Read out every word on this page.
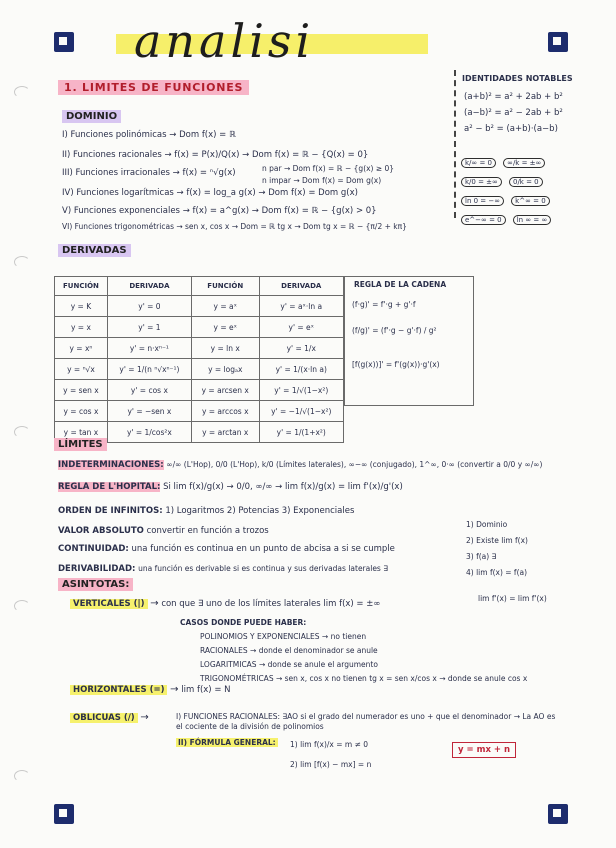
analisi
1. LIMITES DE FUNCIONES
DOMINIO
I) Funciones polinómicas → Dom f(x) = ℝ
II) Funciones racionales → f(x) = P(x)/Q(x) → Dom f(x) = ℝ − {Q(x) = 0}
III) Funciones irracionales → f(x) = ⁿ√g(x)	n par → Dom f(x) = ℝ − {g(x) ≥ 0}
n impar → Dom f(x) = Dom g(x)
IV) Funciones logarítmicas → f(x) = log_a g(x) → Dom f(x) = Dom g(x)
V) Funciones exponenciales → f(x) = a^g(x) → Dom f(x) = ℝ − {g(x) > 0}
VI) Funciones trigonométricas → sen x, cos x → Dom = ℝ tg x → Dom tg x = ℝ − {π/2 + kπ}
IDENTIDADES NOTABLES
(a+b)² = a² + 2ab + b²
(a−b)² = a² − 2ab + b²
a² − b² = (a+b)·(a−b)
k/∞ = 0 ∞/k = ±∞ k/0 = ±∞ 0/k = 0 ln 0 = −∞ k^∞ = 0 e^−∞ = 0 ln ∞ = ∞
DERIVADAS
FUNCIÓN	DERIVADA	FUNCIÓN	DERIVADA
y = K	y' = 0	y = aˣ	y' = aˣ·ln a
y = x	y' = 1	y = eˣ	y' = eˣ
y = xⁿ	y' = n·xⁿ⁻¹	y = ln x	y' = 1/x
y = ⁿ√x	y' = 1/(n ⁿ√xⁿ⁻¹)	y = logₐx	y' = 1/(x·ln a)
y = sen x	y' = cos x	y = arcsen x	y' = 1/√(1−x²)
y = cos x	y' = −sen x	y = arccos x	y' = −1/√(1−x²)
y = tan x	y' = 1/cos²x	y = arctan x	y' = 1/(1+x²)
REGLA DE LA CADENA
(f·g)' = f'·g + g'·f
(f/g)' = (f'·g − g'·f) / g²
[f(g(x))]' = f'(g(x))·g'(x)
LÍMITES
INDETERMINACIONES: ∞/∞ (L'Hop), 0/0 (L'Hop), k/0 (Límites laterales), ∞−∞ (conjugado), 1^∞, 0·∞ (convertir a 0/0 y ∞/∞)
REGLA DE L'HOPITAL: Si lim f(x)/g(x) → 0/0, ∞/∞ → lim f(x)/g(x) = lim f'(x)/g'(x)
ORDEN DE INFINITOS: 1) Logaritmos 2) Potencias 3) Exponenciales
VALOR ABSOLUTO convertir en función a trozos
CONTINUIDAD: una función es continua en un punto de abcisa a si se cumple
DERIVABILIDAD: una función es derivable si es continua y sus derivadas laterales ∃
1) Dominio
2) Existe lim f(x)
3) f(a) ∃
4) lim f(x) = f(a)
lim f'(x) = lim f'(x)
ASINTOTAS:
VERTICALES (|) → con que ∃ uno de los límites laterales lim f(x) = ±∞
CASOS DONDE PUEDE HABER:
POLINOMIOS Y EXPONENCIALES → no tienen
RACIONALES → donde el denominador se anule
LOGARITMICAS → donde se anule el argumento
TRIGONOMÉTRICAS → sen x, cos x no tienen tg x = sen x/cos x → donde se anule cos x
HORIZONTALES (=) → lim f(x) = N
OBLICUAS (/) →	I) FUNCIONES RACIONALES: ∃AO si el grado del numerador es uno + que el denominador → La AO es el cociente de la división de polinomios
II) FÓRMULA GENERAL: 1) lim f(x)/x = m ≠ 0
2) lim [f(x) − mx] = n
y = mx + n
